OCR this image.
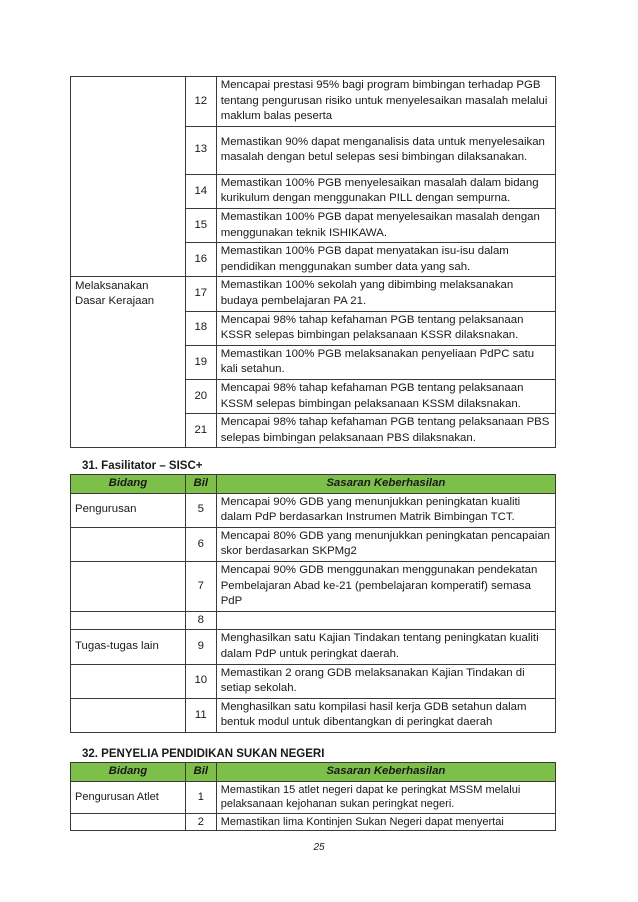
	12	Mencapai prestasi 95% bagi program bimbingan terhadap PGB tentang pengurusan risiko untuk menyelesaikan masalah melalui maklum balas peserta
	13	Memastikan 90% dapat menganalisis data untuk menyelesaikan masalah dengan betul selepas sesi bimbingan dilaksanakan.
	14	Memastikan 100% PGB menyelesaikan masalah dalam bidang kurikulum dengan menggunakan PILL dengan sempurna.
	15	Memastikan 100% PGB dapat menyelesaikan masalah dengan menggunakan teknik ISHIKAWA.
	16	Memastikan 100% PGB dapat menyatakan isu-isu dalam pendidikan menggunakan sumber data yang sah.
Melaksanakan Dasar Kerajaan	17	Memastikan 100% sekolah yang dibimbing melaksanakan budaya pembelajaran PA 21.
	18	Mencapai 98% tahap kefahaman PGB tentang pelaksanaan KSSR selepas bimbingan pelaksanaan KSSR dilaksnakan.
	19	Memastikan 100% PGB melaksanakan penyeliaan PdPC satu kali setahun.
	20	Mencapai 98% tahap kefahaman PGB tentang pelaksanaan KSSM selepas bimbingan pelaksanaan KSSM dilaksnakan.
	21	Mencapai 98% tahap kefahaman PGB tentang pelaksanaan PBS selepas bimbingan pelaksanaan PBS dilaksnakan.
31. Fasilitator – SISC+
Bidang	Bil	Sasaran Keberhasilan
Pengurusan	5	Mencapai 90% GDB yang menunjukkan peningkatan kualiti dalam PdP berdasarkan Instrumen Matrik Bimbingan TCT.
	6	Mencapai 80% GDB yang menunjukkan peningkatan pencapaian skor berdasarkan SKPMg2
	7	Mencapai 90% GDB menggunakan menggunakan pendekatan Pembelajaran Abad ke-21 (pembelajaran komperatif) semasa PdP
	8	
Tugas-tugas lain	9	Menghasilkan satu Kajian Tindakan tentang peningkatan kualiti dalam PdP untuk peringkat daerah.
	10	Memastikan 2 orang GDB melaksanakan Kajian Tindakan di setiap sekolah.
	11	Menghasilkan satu kompilasi hasil kerja GDB setahun dalam bentuk modul untuk dibentangkan di peringkat daerah
32. PENYELIA PENDIDIKAN SUKAN NEGERI
Bidang	Bil	Sasaran Keberhasilan
Pengurusan Atlet	1	Memastikan 15 atlet negeri dapat ke peringkat MSSM melalui pelaksanaan kejohanan sukan peringkat negeri.
	2	Memastikan lima Kontinjen Sukan Negeri dapat menyertai
25
